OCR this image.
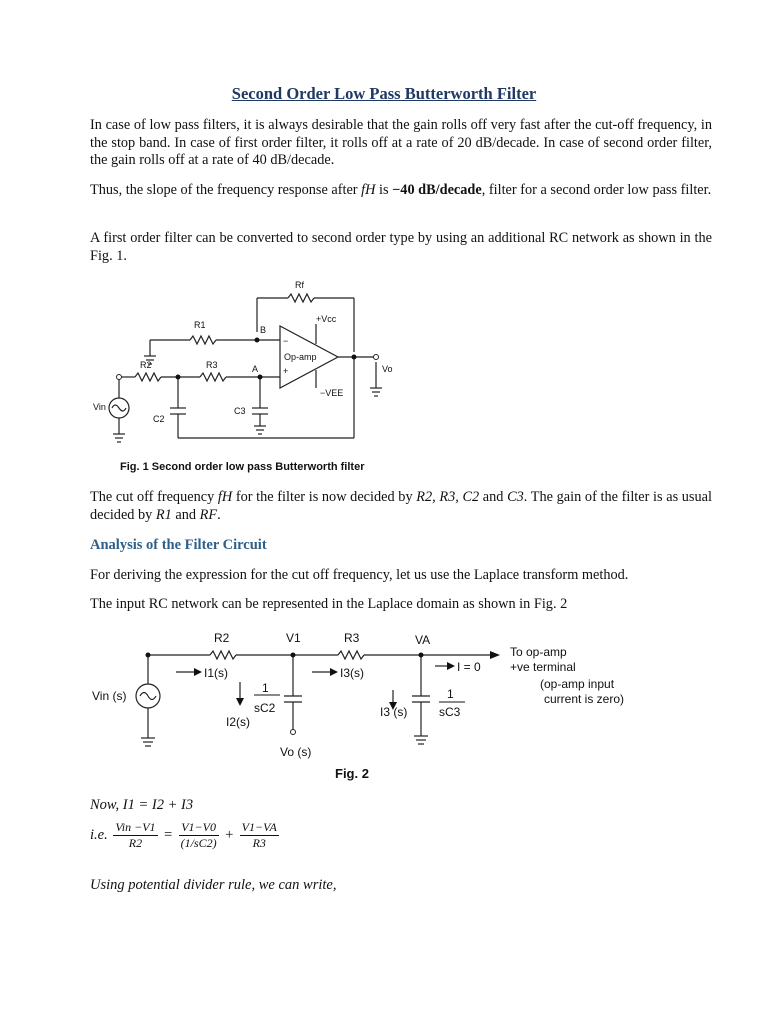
Second Order Low Pass Butterworth Filter
In case of low pass filters, it is always desirable that the gain rolls off very fast after the cut-off frequency, in the stop band. In case of first order filter, it rolls off at a rate of 20 dB/decade. In case of second order filter, the gain rolls off at a rate of 40 dB/decade.
Thus, the slope of the frequency response after fH is −40 dB/decade, filter for a second order low pass filter.
A first order filter can be converted to second order type by using an additional RC network as shown in the Fig. 1.
Rf
R1
R2	R3
C2
C3
B
A
−
+
Op-amp
+Vcc
−VEE
Vin
Vo
Fig. 1 Second order low pass Butterworth filter
The cut off frequency fH for the filter is now decided by R2, R3, C2 and C3. The gain of the filter is as usual decided by R1 and RF.
Analysis of the Filter Circuit
For deriving the expression for the cut off frequency, let us use the Laplace transform method.
The input RC network can be represented in the Laplace domain as shown in Fig. 2
R2	V1	R3	VA
To op-amp
+ve terminal
(op-amp input
current is zero)
I1(s)	I3(s)	I = 0
Vin (s)
1
sC2
1
sC3
I2(s)
I3 (s)
Vo (s)
Fig. 2
Now, I1 = I2 + I3
i.e. $\frac{\text{Vin −V1}}{R2} = \frac{V1-V0}{(1/sC2)} + \frac{V1-VA}{R3}$
Using potential divider rule, we can write,
